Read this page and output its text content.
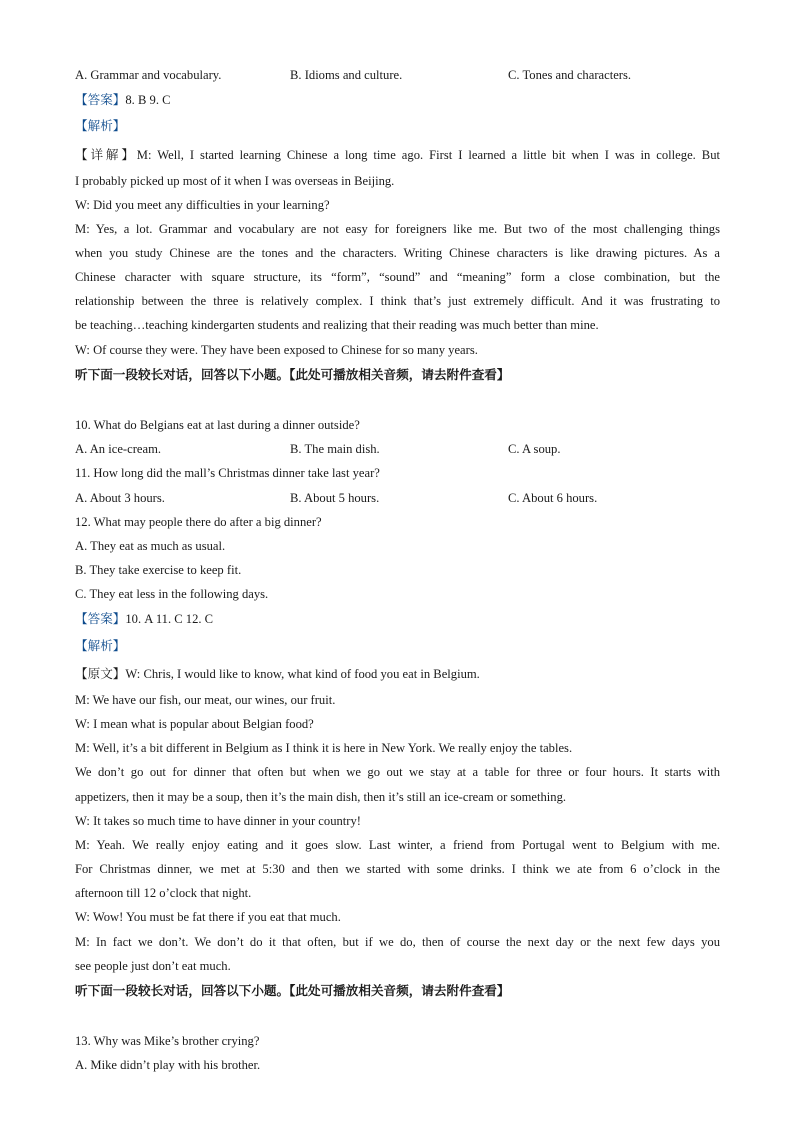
A. Grammar and vocabulary.	B. Idioms and culture.	C. Tones and characters.
【答案】8. B 9. C
【解析】
【详解】M: Well, I started learning Chinese a long time ago. First I learned a little bit when I was in college. But
I probably picked up most of it when I was overseas in Beijing.
W: Did you meet any difficulties in your learning?
M: Yes, a lot. Grammar and vocabulary are not easy for foreigners like me. But two of the most challenging things
when you study Chinese are the tones and the characters. Writing Chinese characters is like drawing pictures. As a
Chinese character with square structure, its “form”, “sound” and “meaning” form a close combination, but the
relationship between the three is relatively complex. I think that’s just extremely difficult. And it was frustrating to
be teaching…teaching kindergarten students and realizing that their reading was much better than mine.
W: Of course they were. They have been exposed to Chinese for so many years.
听下面一段较长对话，回答以下小题。【此处可播放相关音频，请去附件查看】
10. What do Belgians eat at last during a dinner outside?
A. An ice-cream.	B. The main dish.	C. A soup.
11. How long did the mall’s Christmas dinner take last year?
A. About 3 hours.	B. About 5 hours.	C. About 6 hours.
12. What may people there do after a big dinner?
A. They eat as much as usual.
B. They take exercise to keep fit.
C. They eat less in the following days.
【答案】10. A 11. C 12. C
【解析】
【原文】W: Chris, I would like to know, what kind of food you eat in Belgium.
M: We have our fish, our meat, our wines, our fruit.
W: I mean what is popular about Belgian food?
M: Well, it’s a bit different in Belgium as I think it is here in New York. We really enjoy the tables.
We don’t go out for dinner that often but when we go out we stay at a table for three or four hours. It starts with
appetizers, then it may be a soup, then it’s the main dish, then it’s still an ice-cream or something.
W: It takes so much time to have dinner in your country!
M: Yeah. We really enjoy eating and it goes slow. Last winter, a friend from Portugal went to Belgium with me.
For Christmas dinner, we met at 5:30 and then we started with some drinks. I think we ate from 6 o’clock in the
afternoon till 12 o’clock that night.
W: Wow! You must be fat there if you eat that much.
M: In fact we don’t. We don’t do it that often, but if we do, then of course the next day or the next few days you
see people just don’t eat much.
听下面一段较长对话，回答以下小题。【此处可播放相关音频，请去附件查看】
13. Why was Mike’s brother crying?
A. Mike didn’t play with his brother.
